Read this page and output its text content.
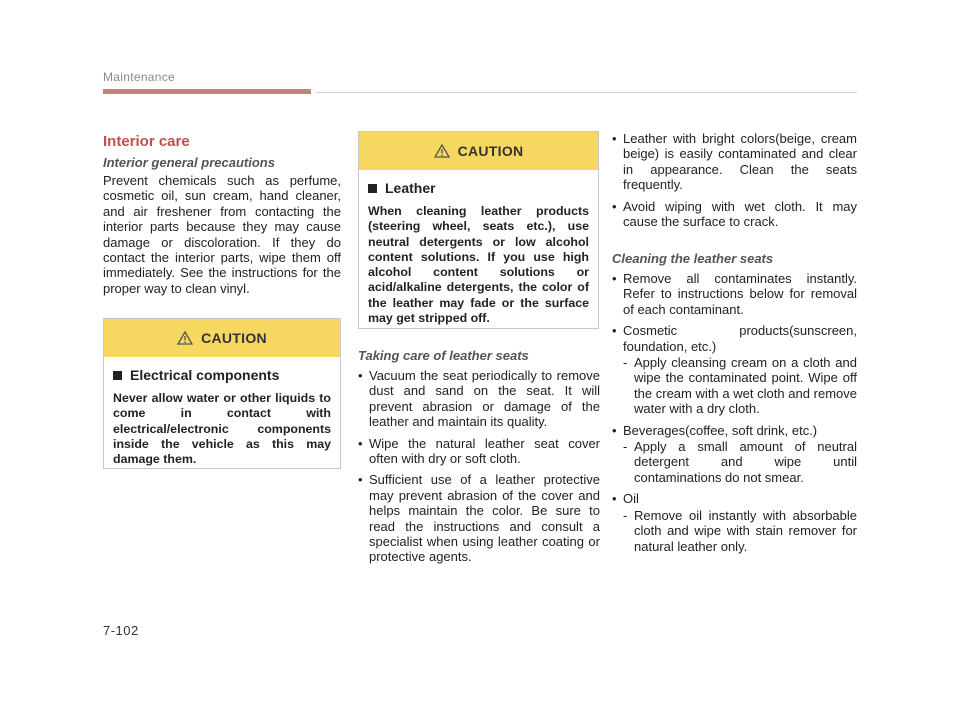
Maintenance
Interior care
Interior general precautions
Prevent chemicals such as perfume, cosmetic oil, sun cream, hand cleaner, and air freshener from contacting the interior parts because they may cause damage or discoloration. If they do contact the interior parts, wipe them off immediately. See the instructions for the proper way to clean vinyl.
CAUTION
Electrical components
Never allow water or other liquids to come in contact with electrical/electronic components inside the vehicle as this may damage them.
CAUTION
Leather
When cleaning leather products (steering wheel, seats etc.), use neutral detergents or low alcohol content solutions. If you use high alcohol content solutions or acid/alkaline detergents, the color of the leather may fade or the surface may get stripped off.
Taking care of leather seats
• Vacuum the seat periodically to remove dust and sand on the seat. It will prevent abrasion or damage of the leather and maintain its quality.
• Wipe the natural leather seat cover often with dry or soft cloth.
• Sufficient use of a leather protective may prevent abrasion of the cover and helps maintain the color. Be sure to read the instructions and consult a specialist when using leather coating or protective agents.
• Leather with bright colors(beige, cream beige) is easily contaminated and clear in appearance. Clean the seats frequently.
• Avoid wiping with wet cloth. It may cause the surface to crack.
Cleaning the leather seats
• Remove all contaminates instantly. Refer to instructions below for removal of each contaminant.
• Cosmetic products(sunscreen, foundation, etc.)
- Apply cleansing cream on a cloth and wipe the contaminated point. Wipe off the cream with a wet cloth and remove water with a dry cloth.
• Beverages(coffee, soft drink, etc.)
- Apply a small amount of neutral detergent and wipe until contaminations do not smear.
• Oil
- Remove oil instantly with absorbable cloth and wipe with stain remover for natural leather only.
7-102
